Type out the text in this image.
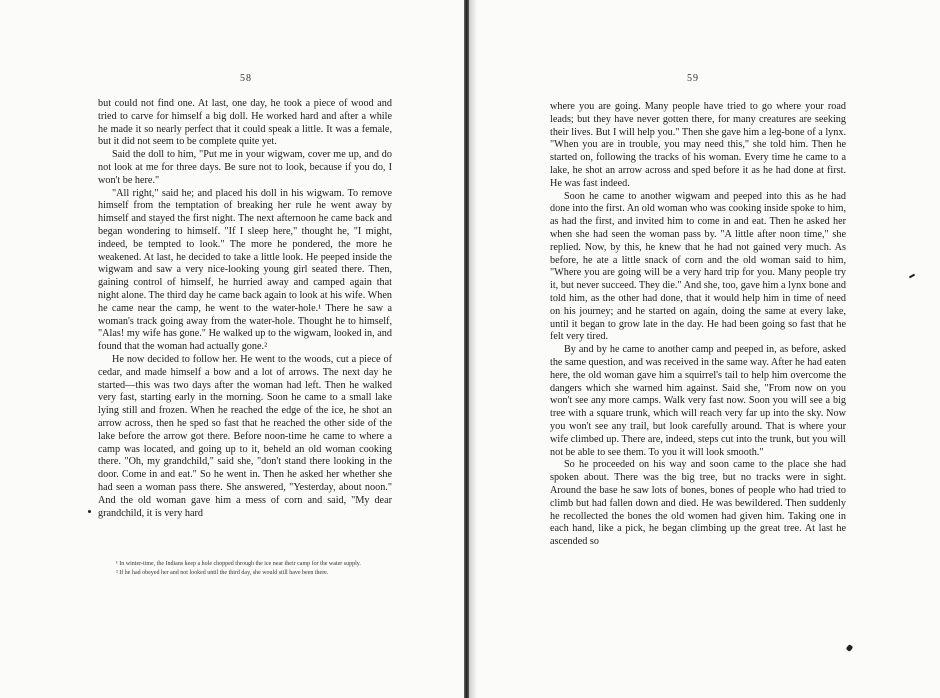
58

but could not find one. At last, one day, he took a piece of wood and tried to carve for himself a big doll. He worked hard and after a while he made it so nearly perfect that it could speak a little. It was a female, but it did not seem to be complete quite yet.

Said the doll to him, "Put me in your wigwam, cover me up, and do not look at me for three days. Be sure not to look, because if you do, I won't be here."

"All right," said he; and placed his doll in his wigwam. To remove himself from the temptation of breaking her rule he went away by himself and stayed the first night. The next afternoon he came back and began wondering to himself. "If I sleep here," thought he, "I might, indeed, be tempted to look." The more he pondered, the more he weakened. At last, he decided to take a little look. He peeped inside the wigwam and saw a very nice-looking young girl seated there. Then, gaining control of himself, he hurried away and camped again that night alone. The third day he came back again to look at his wife. When he came near the camp, he went to the water-hole.¹ There he saw a woman's track going away from the water-hole. Thought he to himself, "Alas! my wife has gone." He walked up to the wigwam, looked in, and found that the woman had actually gone.²

He now decided to follow her. He went to the woods, cut a piece of cedar, and made himself a bow and a lot of arrows. The next day he started—this was two days after the woman had left. Then he walked very fast, starting early in the morning. Soon he came to a small lake lying still and frozen. When he reached the edge of the ice, he shot an arrow across, then he sped so fast that he reached the other side of the lake before the arrow got there. Before noon-time he came to where a camp was located, and going up to it, beheld an old woman cooking there. "Oh, my grandchild," said she, "don't stand there looking in the door. Come in and eat." So he went in. Then he asked her whether she had seen a woman pass there. She answered, "Yesterday, about noon." And the old woman gave him a mess of corn and said, "My dear grandchild, it is very hard

¹ In winter-time, the Indians keep a hole chopped through the ice near their camp for the water supply.

² If he had obeyed her and not looked until the third day, she would still have been there.

59

where you are going. Many people have tried to go where your road leads; but they have never gotten there, for many creatures are seeking their lives. But I will help you." Then she gave him a leg-bone of a lynx. "When you are in trouble, you may need this," she told him. Then he started on, following the tracks of his woman. Every time he came to a lake, he shot an arrow across and sped before it as he had done at first. He was fast indeed.

Soon he came to another wigwam and peeped into this as he had done into the first. An old woman who was cooking inside spoke to him, as had the first, and invited him to come in and eat. Then he asked her when she had seen the woman pass by. "A little after noon time," she replied. Now, by this, he knew that he had not gained very much. As before, he ate a little snack of corn and the old woman said to him, "Where you are going will be a very hard trip for you. Many people try it, but never succeed. They die." And she, too, gave him a lynx bone and told him, as the other had done, that it would help him in time of need on his journey; and he started on again, doing the same at every lake, until it began to grow late in the day. He had been going so fast that he felt very tired.

By and by he came to another camp and peeped in, as before, asked the same question, and was received in the same way. After he had eaten here, the old woman gave him a squirrel's tail to help him overcome the dangers which she warned him against. Said she, "From now on you won't see any more camps. Walk very fast now. Soon you will see a big tree with a square trunk, which will reach very far up into the sky. Now you won't see any trail, but look carefully around. That is where your wife climbed up. There are, indeed, steps cut into the trunk, but you will not be able to see them. To you it will look smooth."

So he proceeded on his way and soon came to the place she had spoken about. There was the big tree, but no tracks were in sight. Around the base he saw lots of bones, bones of people who had tried to climb but had fallen down and died. He was bewildered. Then suddenly he recollected the bones the old women had given him. Taking one in each hand, like a pick, he began climbing up the great tree. At last he ascended so
